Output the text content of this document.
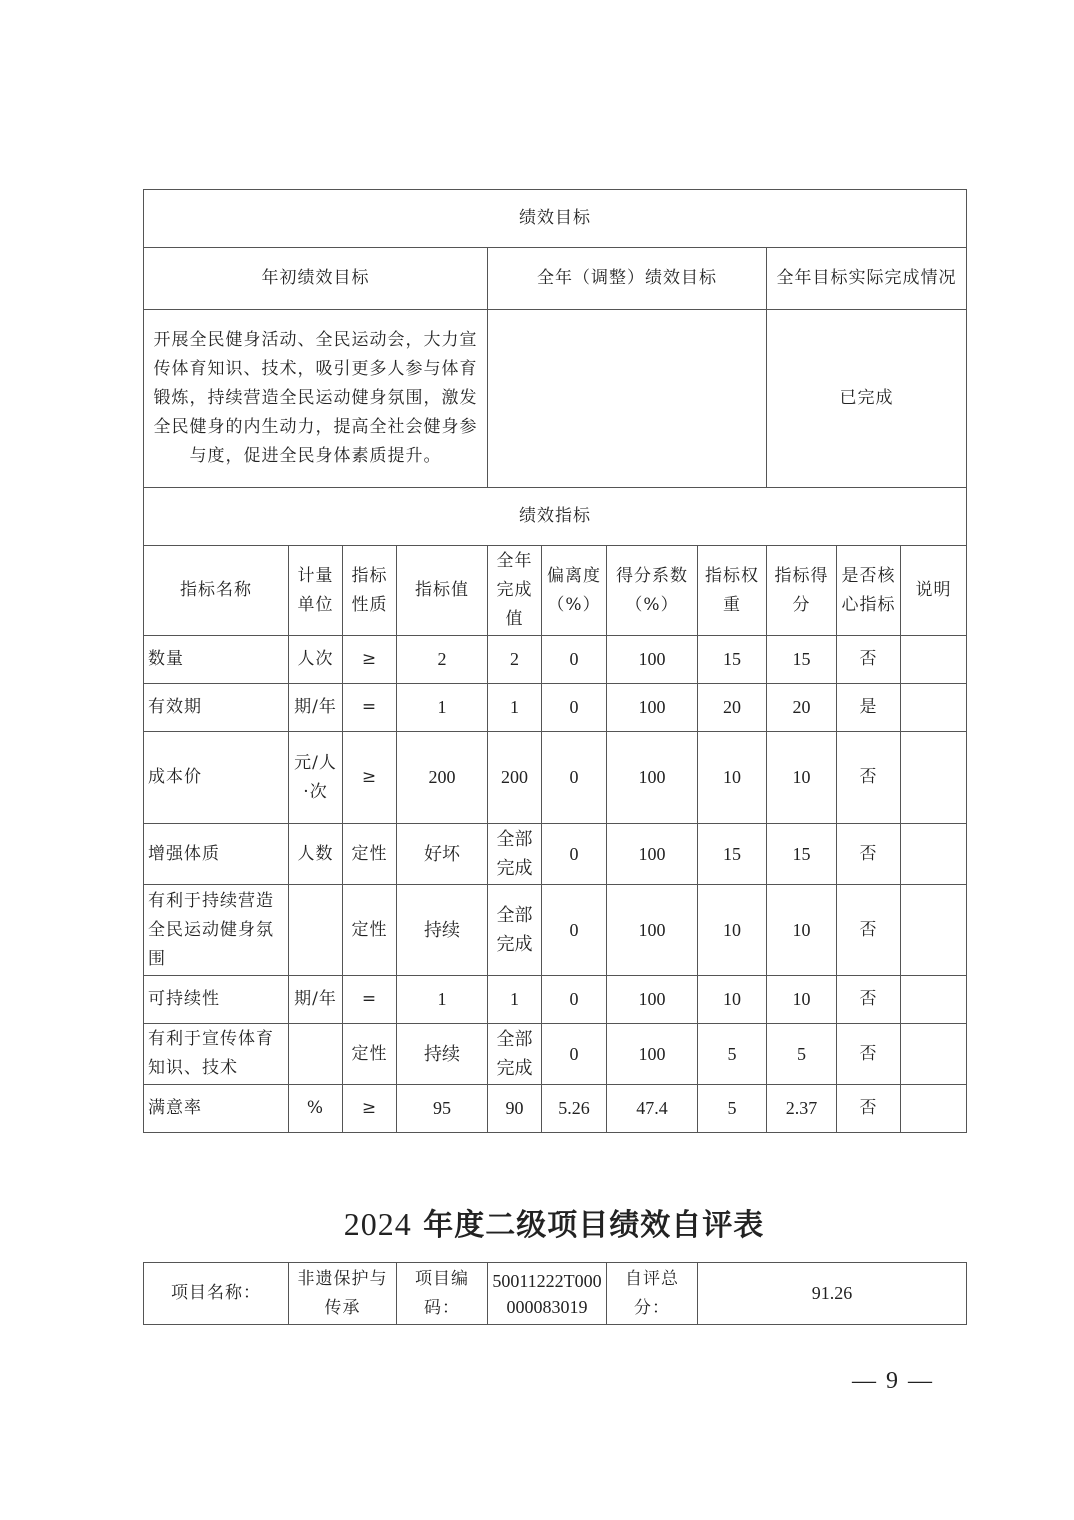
绩效目标										
年初绩效目标				全年（调整）绩效目标				全年目标实际完成情况		
开展全民健身活动、全民运动会，大力宣传体育知识、技术，吸引更多人参与体育锻炼，持续营造全民运动健身氛围，激发全民健身的内生动力，提高全社会健身参与度，促进全民身体素质提升。								已完成		
绩效指标										
指标名称	计量单位	指标性质	指标值	全年完成值	偏离度（%）	得分系数（%）	指标权重	指标得分	是否核心指标	说明
数量	人次	≥	2	2	0	100	15	15	否	
有效期	期/年	=	1	1	0	100	20	20	是	
成本价	元/人·次	≥	200	200	0	100	10	10	否	
增强体质	人数	定性	好坏	全部完成	0	100	15	15	否	
有利于持续营造全民运动健身氛围		定性	持续	全部完成	0	100	10	10	否	
可持续性	期/年	=	1	1	0	100	10	10	否	
有利于宣传体育知识、技术		定性	持续	全部完成	0	100	5	5	否	
满意率	%	≥	95	90	5.26	47.4	5	2.37	否	
2024 年度二级项目绩效自评表
项目名称：	非遗保护与传承	项目编码：	50011222T000000083019	自评总分：	91.26
— 9 —
